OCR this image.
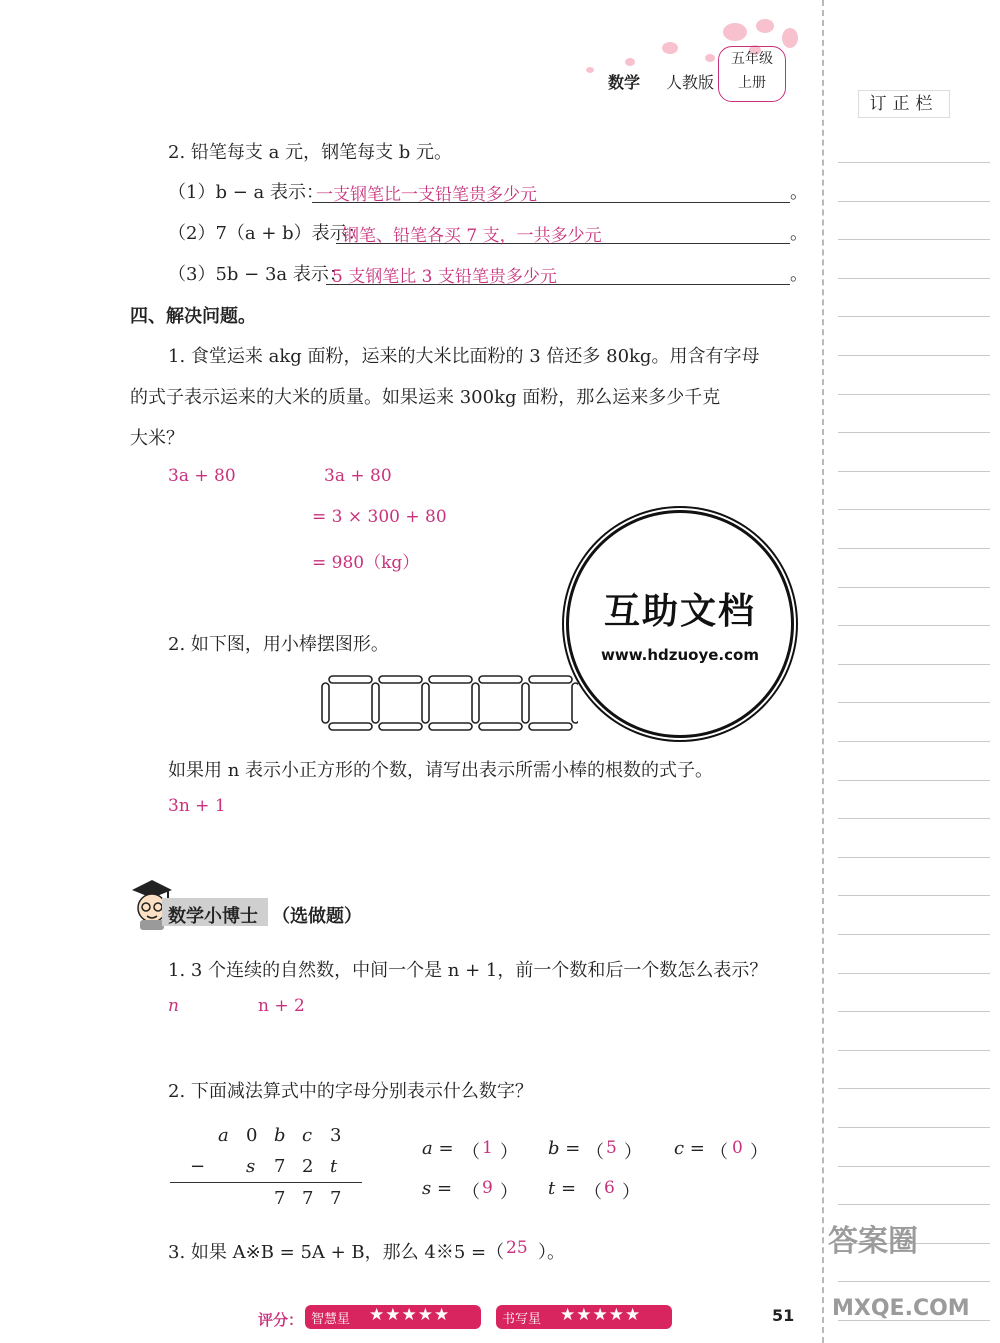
数学 人教版
五年级
上册
订正栏
2. 铅笔每支 a 元，钢笔每支 b 元。
（1）b − a 表示：
一支钢笔比一支铅笔贵多少元	。
（2）7（a + b）表示：
钢笔、铅笔各买 7 支，一共多少元	。
（3）5b − 3a 表示：
5 支钢笔比 3 支铅笔贵多少元	。
四、解决问题。
1. 食堂运来 akg 面粉，运来的大米比面粉的 3 倍还多 80kg。用含有字母
的式子表示运来的大米的质量。如果运来 300kg 面粉，那么运来多少千克
大米？
3a + 80	3a + 80
= 3 × 300 + 80
= 980（kg）
2. 如下图，用小棒摆图形。
如果用 n 表示小正方形的个数，请写出表示所需小棒的根数的式子。
3n + 1
互助文档
www.hdzuoye.com
数学小博士 （选做题）
1. 3 个连续的自然数，中间一个是 n + 1，前一个数和后一个数怎么表示？
n	n + 2
2. 下面减法算式中的字母分别表示什么数字？
a 0 b c 3
− s 7 2 t
7 7 7
a = （ 1 ） b = （ 5 ） c = （ 0 ）
s = （ 9 ） t = （ 6 ）
3. 如果 A※B = 5A + B，那么 4※5 =（ 25 ）。
评分： 智慧星 ★★★★★	书写星 ★★★★★	51
答案圈
MXQE.COM
